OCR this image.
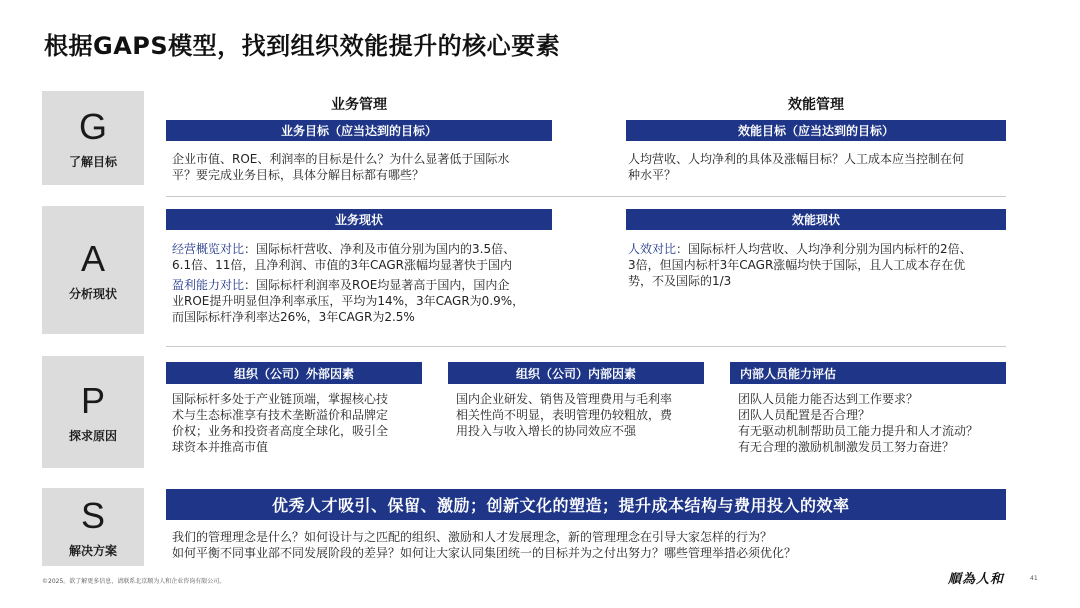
根据GAPS模型，找到组织效能提升的核心要素
业务管理	效能管理
G
了解目标
业务目标（应当达到的目标）
企业市值、ROE、利润率的目标是什么？为什么显著低于国际水
平？要完成业务目标，具体分解目标都有哪些？
效能目标（应当达到的目标）
人均营收、人均净利的具体及涨幅目标？人工成本应当控制在何
种水平？
A
分析现状
业务现状
经营概览对比：国际标杆营收、净利及市值分别为国内的3.5倍、
6.1倍、11倍，且净利润、市值的3年CAGR涨幅均显著快于国内
盈利能力对比：国际标杆利润率及ROE均显著高于国内，国内企
业ROE提升明显但净利率承压，平均为14%，3年CAGR为0.9%，
而国际标杆净利率达26%，3年CAGR为2.5%
效能现状
人效对比：国际标杆人均营收、人均净利分别为国内标杆的2倍、
3倍，但国内标杆3年CAGR涨幅均快于国际，且人工成本存在优
势，不及国际的1/3
P
探求原因
组织（公司）外部因素
国际标杆多处于产业链顶端，掌握核心技
术与生态标准享有技术垄断溢价和品牌定
价权；业务和投资者高度全球化，吸引全
球资本并推高市值
组织（公司）内部因素
国内企业研发、销售及管理费用与毛利率
相关性尚不明显，表明管理仍较粗放，费
用投入与收入增长的协同效应不强
内部人员能力评估
团队人员能力能否达到工作要求？
团队人员配置是否合理？
有无驱动机制帮助员工能力提升和人才流动？
有无合理的激励机制激发员工努力奋进？
S
解决方案
优秀人才吸引、保留、激励；创新文化的塑造；提升成本结构与费用投入的效率
我们的管理理念是什么？如何设计与之匹配的组织、激励和人才发展理念，新的管理理念在引导大家怎样的行为？
如何平衡不同事业部不同发展阶段的差异？如何让大家认同集团统一的目标并为之付出努力？哪些管理举措必须优化？
©2025。欲了解更多信息，请联系北京顺为人和企业咨询有限公司。	順為人和	41
